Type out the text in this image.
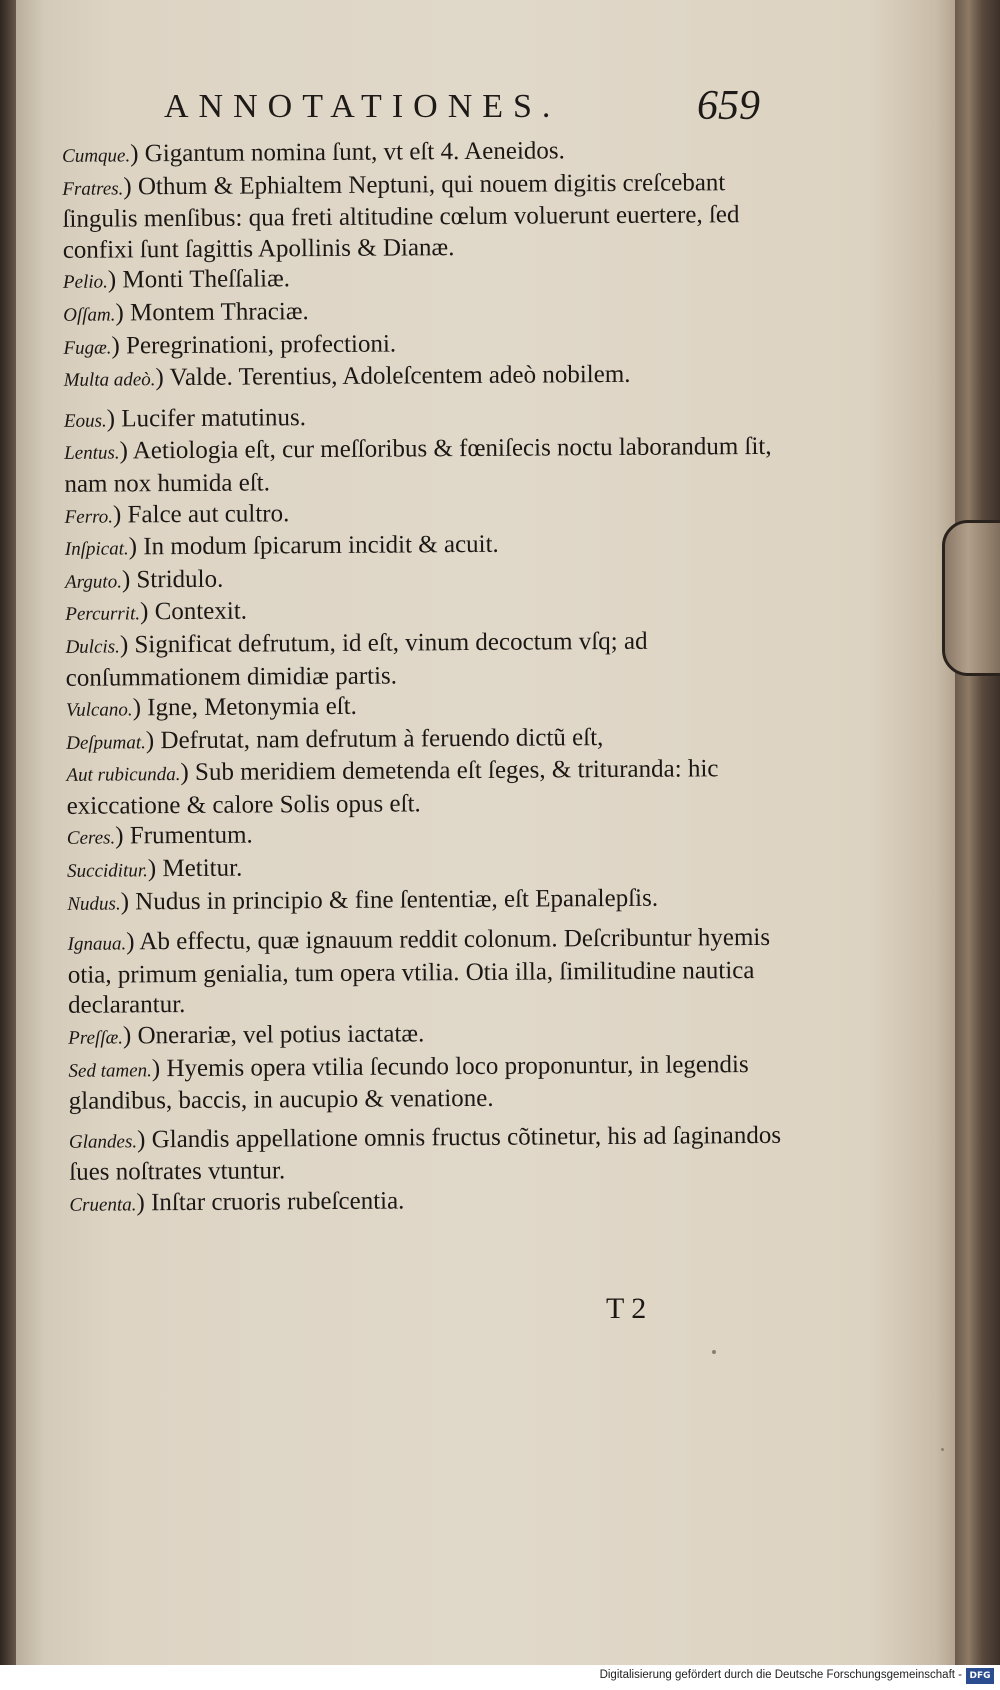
ANNOTATIONES.	659

Cumque.) Gigantum nomina ſunt, vt eſt 4. Aeneidos.

Fratres.) Othum & Ephialtem Neptuni, qui nouem digitis creſcebant ſingulis menſibus: qua freti altitudine cœlum voluerunt euertere, ſed confixi ſunt ſagittis Apollinis & Dianæ.

Pelio.) Monti Theſſaliæ.

Oſſam.) Montem Thraciæ.

Fugæ.) Peregrinationi, profectioni.

Multa adeò.) Valde. Terentius, Adoleſcentem adeò nobilem.

Eous.) Lucifer matutinus.

Lentus.) Aetiologia eſt, cur meſſoribus & fœniſecis noctu laborandum ſit, nam nox humida eſt.

Ferro.) Falce aut cultro.

Inſpicat.) In modum ſpicarum incidit & acuit.

Arguto.) Stridulo.

Percurrit.) Contexit.

Dulcis.) Significat defrutum, id eſt, vinum decoctum vſq; ad conſummationem dimidiæ partis.

Vulcano.) Igne, Metonymia eſt.

Deſpumat.) Defrutat, nam defrutum à feruendo dictũ eſt,

Aut rubicunda.) Sub meridiem demetenda eſt ſeges, & trituranda: hic exiccatione & calore Solis opus eſt.

Ceres.) Frumentum.

Succiditur.) Metitur.

Nudus.) Nudus in principio & fine ſententiæ, eſt Epanalepſis.

Ignaua.) Ab effectu, quæ ignauum reddit colonum. Deſcribuntur hyemis otia, primum genialia, tum opera vtilia. Otia illa, ſimilitudine nautica declarantur.

Preſſæ.) Onerariæ, vel potius iactatæ.

Sed tamen.) Hyemis opera vtilia ſecundo loco proponuntur, in legendis glandibus, baccis, in aucupio & venatione.

Glandes.) Glandis appellatione omnis fructus cõtinetur, his ad ſaginandos ſues noſtrates vtuntur.

Cruenta.) Inſtar cruoris rubeſcentia.

T 2
Digitalisierung gefördert durch die Deutsche Forschungsgemeinschaft - DFG
